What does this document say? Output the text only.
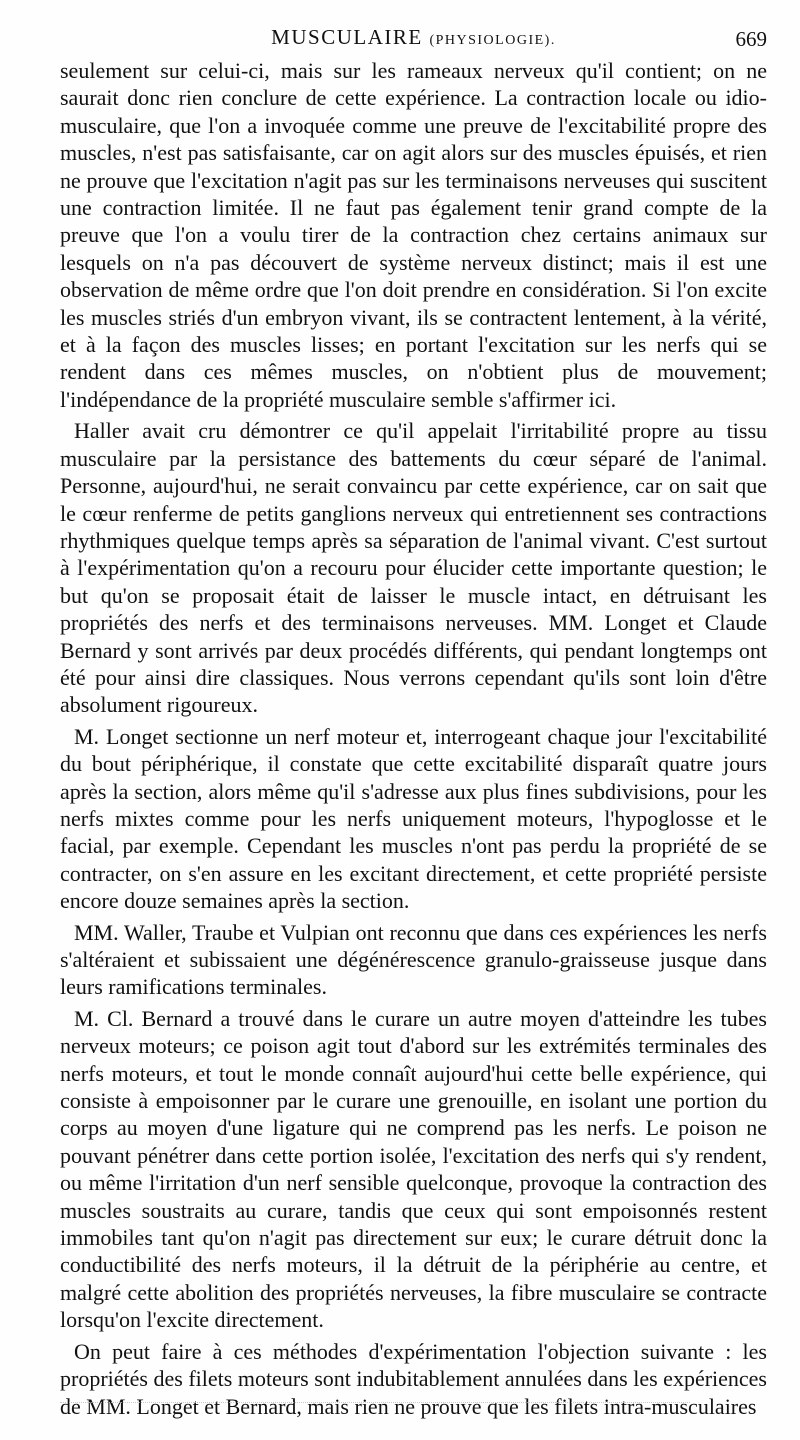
MUSCULAIRE (PHYSIOLOGIE).	669

seulement sur celui-ci, mais sur les rameaux nerveux qu'il contient; on ne saurait donc rien conclure de cette expérience. La contraction locale ou idio-musculaire, que l'on a invoquée comme une preuve de l'excitabilité propre des muscles, n'est pas satisfaisante, car on agit alors sur des muscles épuisés, et rien ne prouve que l'excitation n'agit pas sur les terminaisons nerveuses qui suscitent une contraction limitée. Il ne faut pas également tenir grand compte de la preuve que l'on a voulu tirer de la contraction chez certains animaux sur lesquels on n'a pas découvert de système nerveux distinct; mais il est une observation de même ordre que l'on doit prendre en considération. Si l'on excite les muscles striés d'un embryon vivant, ils se contractent lentement, à la vérité, et à la façon des muscles lisses; en portant l'excitation sur les nerfs qui se rendent dans ces mêmes muscles, on n'obtient plus de mouvement; l'indépendance de la propriété musculaire semble s'affirmer ici.

Haller avait cru démontrer ce qu'il appelait l'irritabilité propre au tissu musculaire par la persistance des battements du cœur séparé de l'animal. Personne, aujourd'hui, ne serait convaincu par cette expérience, car on sait que le cœur renferme de petits ganglions nerveux qui entretiennent ses contractions rhythmiques quelque temps après sa séparation de l'animal vivant. C'est surtout à l'expérimentation qu'on a recouru pour élucider cette importante question; le but qu'on se proposait était de laisser le muscle intact, en détruisant les propriétés des nerfs et des terminaisons nerveuses. MM. Longet et Claude Bernard y sont arrivés par deux procédés différents, qui pendant longtemps ont été pour ainsi dire classiques. Nous verrons cependant qu'ils sont loin d'être absolument rigoureux.

M. Longet sectionne un nerf moteur et, interrogeant chaque jour l'excitabilité du bout périphérique, il constate que cette excitabilité disparaît quatre jours après la section, alors même qu'il s'adresse aux plus fines subdivisions, pour les nerfs mixtes comme pour les nerfs uniquement moteurs, l'hypoglosse et le facial, par exemple. Cependant les muscles n'ont pas perdu la propriété de se contracter, on s'en assure en les excitant directement, et cette propriété persiste encore douze semaines après la section.

MM. Waller, Traube et Vulpian ont reconnu que dans ces expériences les nerfs s'altéraient et subissaient une dégénérescence granulo-graisseuse jusque dans leurs ramifications terminales.

M. Cl. Bernard a trouvé dans le curare un autre moyen d'atteindre les tubes nerveux moteurs; ce poison agit tout d'abord sur les extrémités terminales des nerfs moteurs, et tout le monde connaît aujourd'hui cette belle expérience, qui consiste à empoisonner par le curare une grenouille, en isolant une portion du corps au moyen d'une ligature qui ne comprend pas les nerfs. Le poison ne pouvant pénétrer dans cette portion isolée, l'excitation des nerfs qui s'y rendent, ou même l'irritation d'un nerf sensible quelconque, provoque la contraction des muscles soustraits au curare, tandis que ceux qui sont empoisonnés restent immobiles tant qu'on n'agit pas directement sur eux; le curare détruit donc la conductibilité des nerfs moteurs, il la détruit de la périphérie au centre, et malgré cette abolition des propriétés nerveuses, la fibre musculaire se contracte lorsqu'on l'excite directement.

On peut faire à ces méthodes d'expérimentation l'objection suivante : les propriétés des filets moteurs sont indubitablement annulées dans les expériences de MM. Longet et Bernard, mais rien ne prouve que les filets intra-musculaires
